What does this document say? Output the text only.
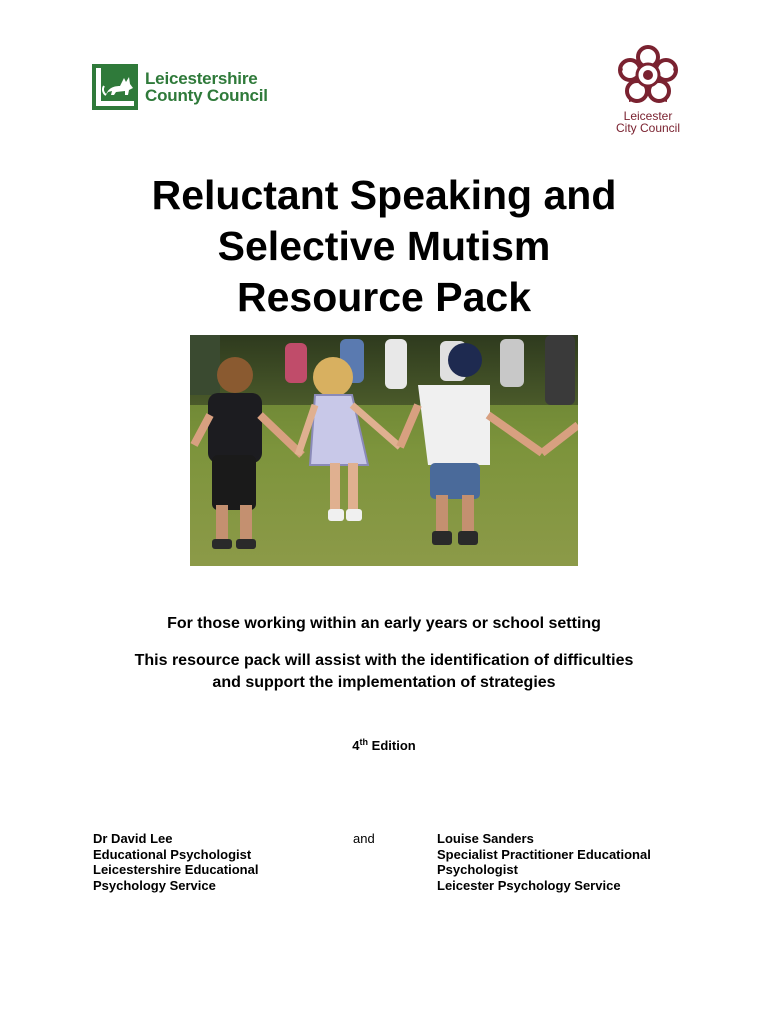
Leicestershire
County Council
Leicester
City Council
Reluctant Speaking and
Selective Mutism
Resource Pack
For those working within an early years or school setting
This resource pack will assist with the identification of difficulties
and support the implementation of strategies
4th Edition
Dr David Lee
Educational Psychologist
Leicestershire Educational
Psychology Service
and	Louise Sanders
Specialist Practitioner Educational
Psychologist
Leicester Psychology Service
